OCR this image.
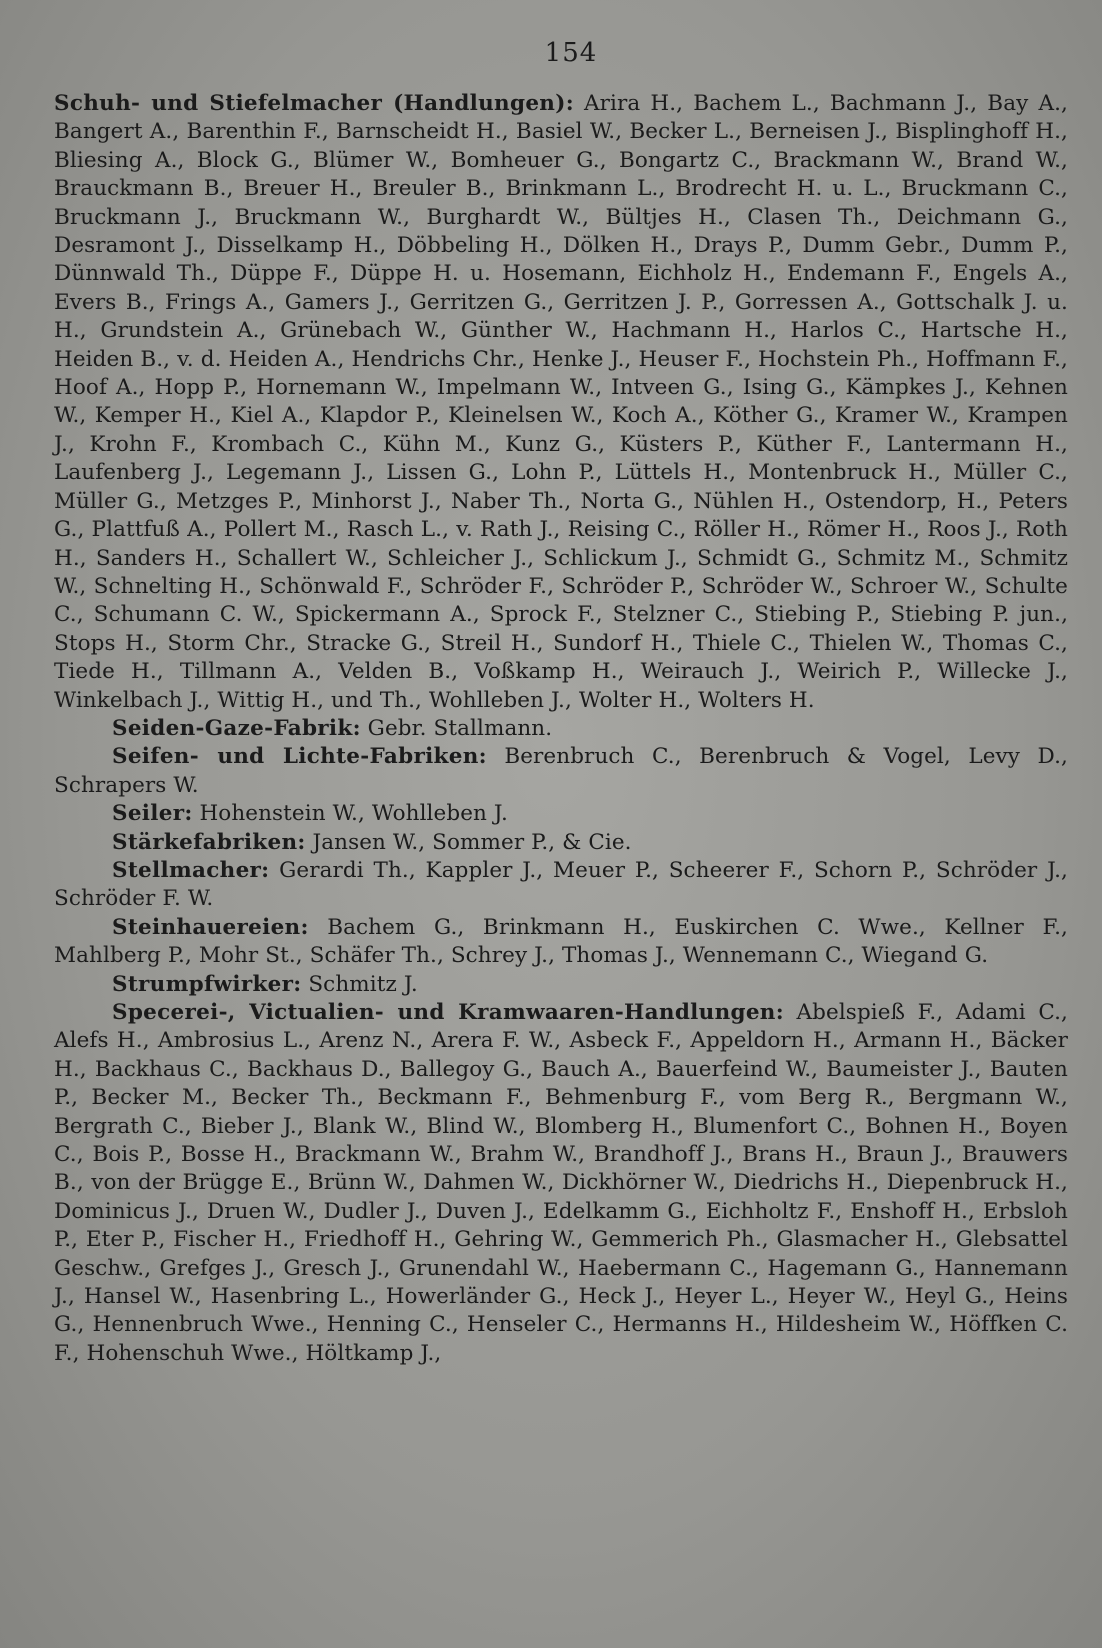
154

Schuh- und Stiefelmacher (Handlungen): Arira H., Bachem L., Bachmann J., Bay A., Bangert A., Barenthin F., Barnscheidt H., Basiel W., Becker L., Berneisen J., Bisplinghoff H., Bliesing A., Block G., Blümer W., Bomheuer G., Bongartz C., Brackmann W., Brand W., Brauckmann B., Breuer H., Breuler B., Brinkmann L., Brodrecht H. u. L., Bruckmann C., Bruckmann J., Bruckmann W., Burghardt W., Bültjes H., Clasen Th., Deichmann G., Desramont J., Disselkamp H., Döbbeling H., Dölken H., Drays P., Dumm Gebr., Dumm P., Dünnwald Th., Düppe F., Düppe H. u. Hosemann, Eichholz H., Endemann F., Engels A., Evers B., Frings A., Gamers J., Gerritzen G., Gerritzen J. P., Gorressen A., Gottschalk J. u. H., Grundstein A., Grünebach W., Günther W., Hachmann H., Harlos C., Hartsche H., Heiden B., v. d. Heiden A., Hendrichs Chr., Henke J., Heuser F., Hochstein Ph., Hoffmann F., Hoof A., Hopp P., Hornemann W., Impelmann W., Intveen G., Ising G., Kämpkes J., Kehnen W., Kemper H., Kiel A., Klapdor P., Kleinelsen W., Koch A., Köther G., Kramer W., Krampen J., Krohn F., Krombach C., Kühn M., Kunz G., Küsters P., Küther F., Lantermann H., Laufenberg J., Legemann J., Lissen G., Lohn P., Lüttels H., Montenbruck H., Müller C., Müller G., Metzges P., Minhorst J., Naber Th., Norta G., Nühlen H., Ostendorp, H., Peters G., Plattfuß A., Pollert M., Rasch L., v. Rath J., Reising C., Röller H., Römer H., Roos J., Roth H., Sanders H., Schallert W., Schleicher J., Schlickum J., Schmidt G., Schmitz M., Schmitz W., Schnelting H., Schönwald F., Schröder F., Schröder P., Schröder W., Schroer W., Schulte C., Schumann C. W., Spickermann A., Sprock F., Stelzner C., Stiebing P., Stiebing P. jun., Stops H., Storm Chr., Stracke G., Streil H., Sundorf H., Thiele C., Thielen W., Thomas C., Tiede H., Tillmann A., Velden B., Voßkamp H., Weirauch J., Weirich P., Willecke J., Winkelbach J., Wittig H., und Th., Wohlleben J., Wolter H., Wolters H.

Seiden-Gaze-Fabrik: Gebr. Stallmann.

Seifen- und Lichte-Fabriken: Berenbruch C., Berenbruch & Vogel, Levy D., Schrapers W.

Seiler: Hohenstein W., Wohlleben J.

Stärkefabriken: Jansen W., Sommer P., & Cie.

Stellmacher: Gerardi Th., Kappler J., Meuer P., Scheerer F., Schorn P., Schröder J., Schröder F. W.

Steinhauereien: Bachem G., Brinkmann H., Euskirchen C. Wwe., Kellner F., Mahlberg P., Mohr St., Schäfer Th., Schrey J., Thomas J., Wennemann C., Wiegand G.

Strumpfwirker: Schmitz J.

Specerei-, Victualien- und Kramwaaren-Handlungen: Abelspieß F., Adami C., Alefs H., Ambrosius L., Arenz N., Arera F. W., Asbeck F., Appeldorn H., Armann H., Bäcker H., Backhaus C., Backhaus D., Ballegoy G., Bauch A., Bauerfeind W., Baumeister J., Bauten P., Becker M., Becker Th., Beckmann F., Behmenburg F., vom Berg R., Bergmann W., Bergrath C., Bieber J., Blank W., Blind W., Blomberg H., Blumenfort C., Bohnen H., Boyen C., Bois P., Bosse H., Brackmann W., Brahm W., Brandhoff J., Brans H., Braun J., Brauwers B., von der Brügge E., Brünn W., Dahmen W., Dickhörner W., Diedrichs H., Diepenbruck H., Dominicus J., Druen W., Dudler J., Duven J., Edelkamm G., Eichholtz F., Enshoff H., Erbsloh P., Eter P., Fischer H., Friedhoff H., Gehring W., Gemmerich Ph., Glasmacher H., Glebsattel Geschw., Grefges J., Gresch J., Grunendahl W., Haebermann C., Hagemann G., Hannemann J., Hansel W., Hasenbring L., Howerländer G., Heck J., Heyer L., Heyer W., Heyl G., Heins G., Hennenbruch Wwe., Henning C., Henseler C., Hermanns H., Hildesheim W., Höffken C. F., Hohenschuh Wwe., Höltkamp J.,
